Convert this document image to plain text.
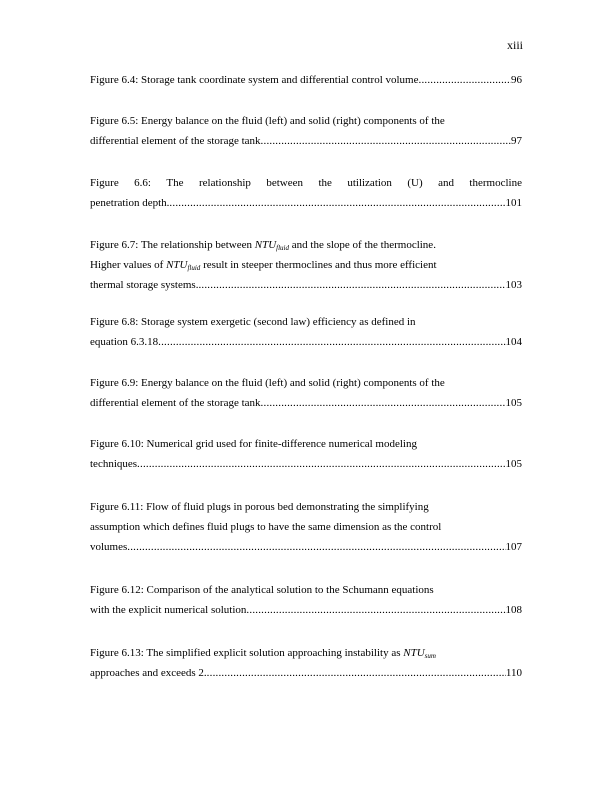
xiii
Figure 6.4: Storage tank coordinate system and differential control volume .....	96
Figure 6.5: Energy balance on the fluid (left) and solid (right) components of the
differential element of the storage tank .....	97
Figure 6.6: The relationship between the utilization (U) and thermocline
penetration depth. .....	101
Figure 6.7: The relationship between $NTU_{fluid}$ and the slope of the thermocline.
Higher values of $NTU_{fluid}$ result in steeper thermoclines and thus more efficient
thermal storage systems. .....	103
Figure 6.8: Storage system exergetic (second law) efficiency as defined in
equation 6.3.18 .....	104
Figure 6.9: Energy balance on the fluid (left) and solid (right) components of the
differential element of the storage tank .....	105
Figure 6.10: Numerical grid used for finite-difference numerical modeling
techniques .....	105
Figure 6.11: Flow of fluid plugs in porous bed demonstrating the simplifying
assumption which defines fluid plugs to have the same dimension as the control
volumes .....	107
Figure 6.12: Comparison of the analytical solution to the Schumann equations
with the explicit numerical solution .....	108
Figure 6.13: The simplified explicit solution approaching instability as $NTU_{sum}$
approaches and exceeds 2. .....	110
